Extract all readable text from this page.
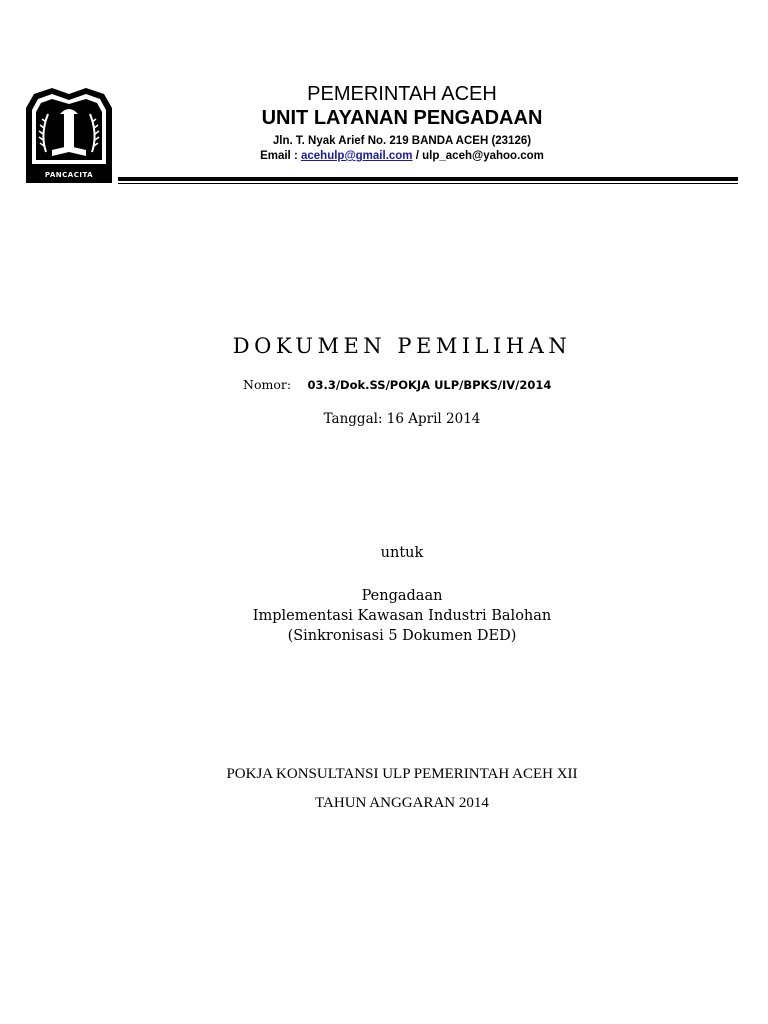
PANCACITA
PEMERINTAH ACEH
UNIT LAYANAN PENGADAAN
Jln. T. Nyak Arief No. 219 BANDA ACEH (23126)
Email : acehulp@gmail.com / ulp_aceh@yahoo.com
DOKUMEN PEMILIHAN
Nomor: 03.3/Dok.SS/POKJA ULP/BPKS/IV/2014
Tanggal: 16 April 2014
untuk
Pengadaan
Implementasi Kawasan Industri Balohan
(Sinkronisasi 5 Dokumen DED)
POKJA KONSULTANSI ULP PEMERINTAH ACEH XII
TAHUN ANGGARAN 2014
